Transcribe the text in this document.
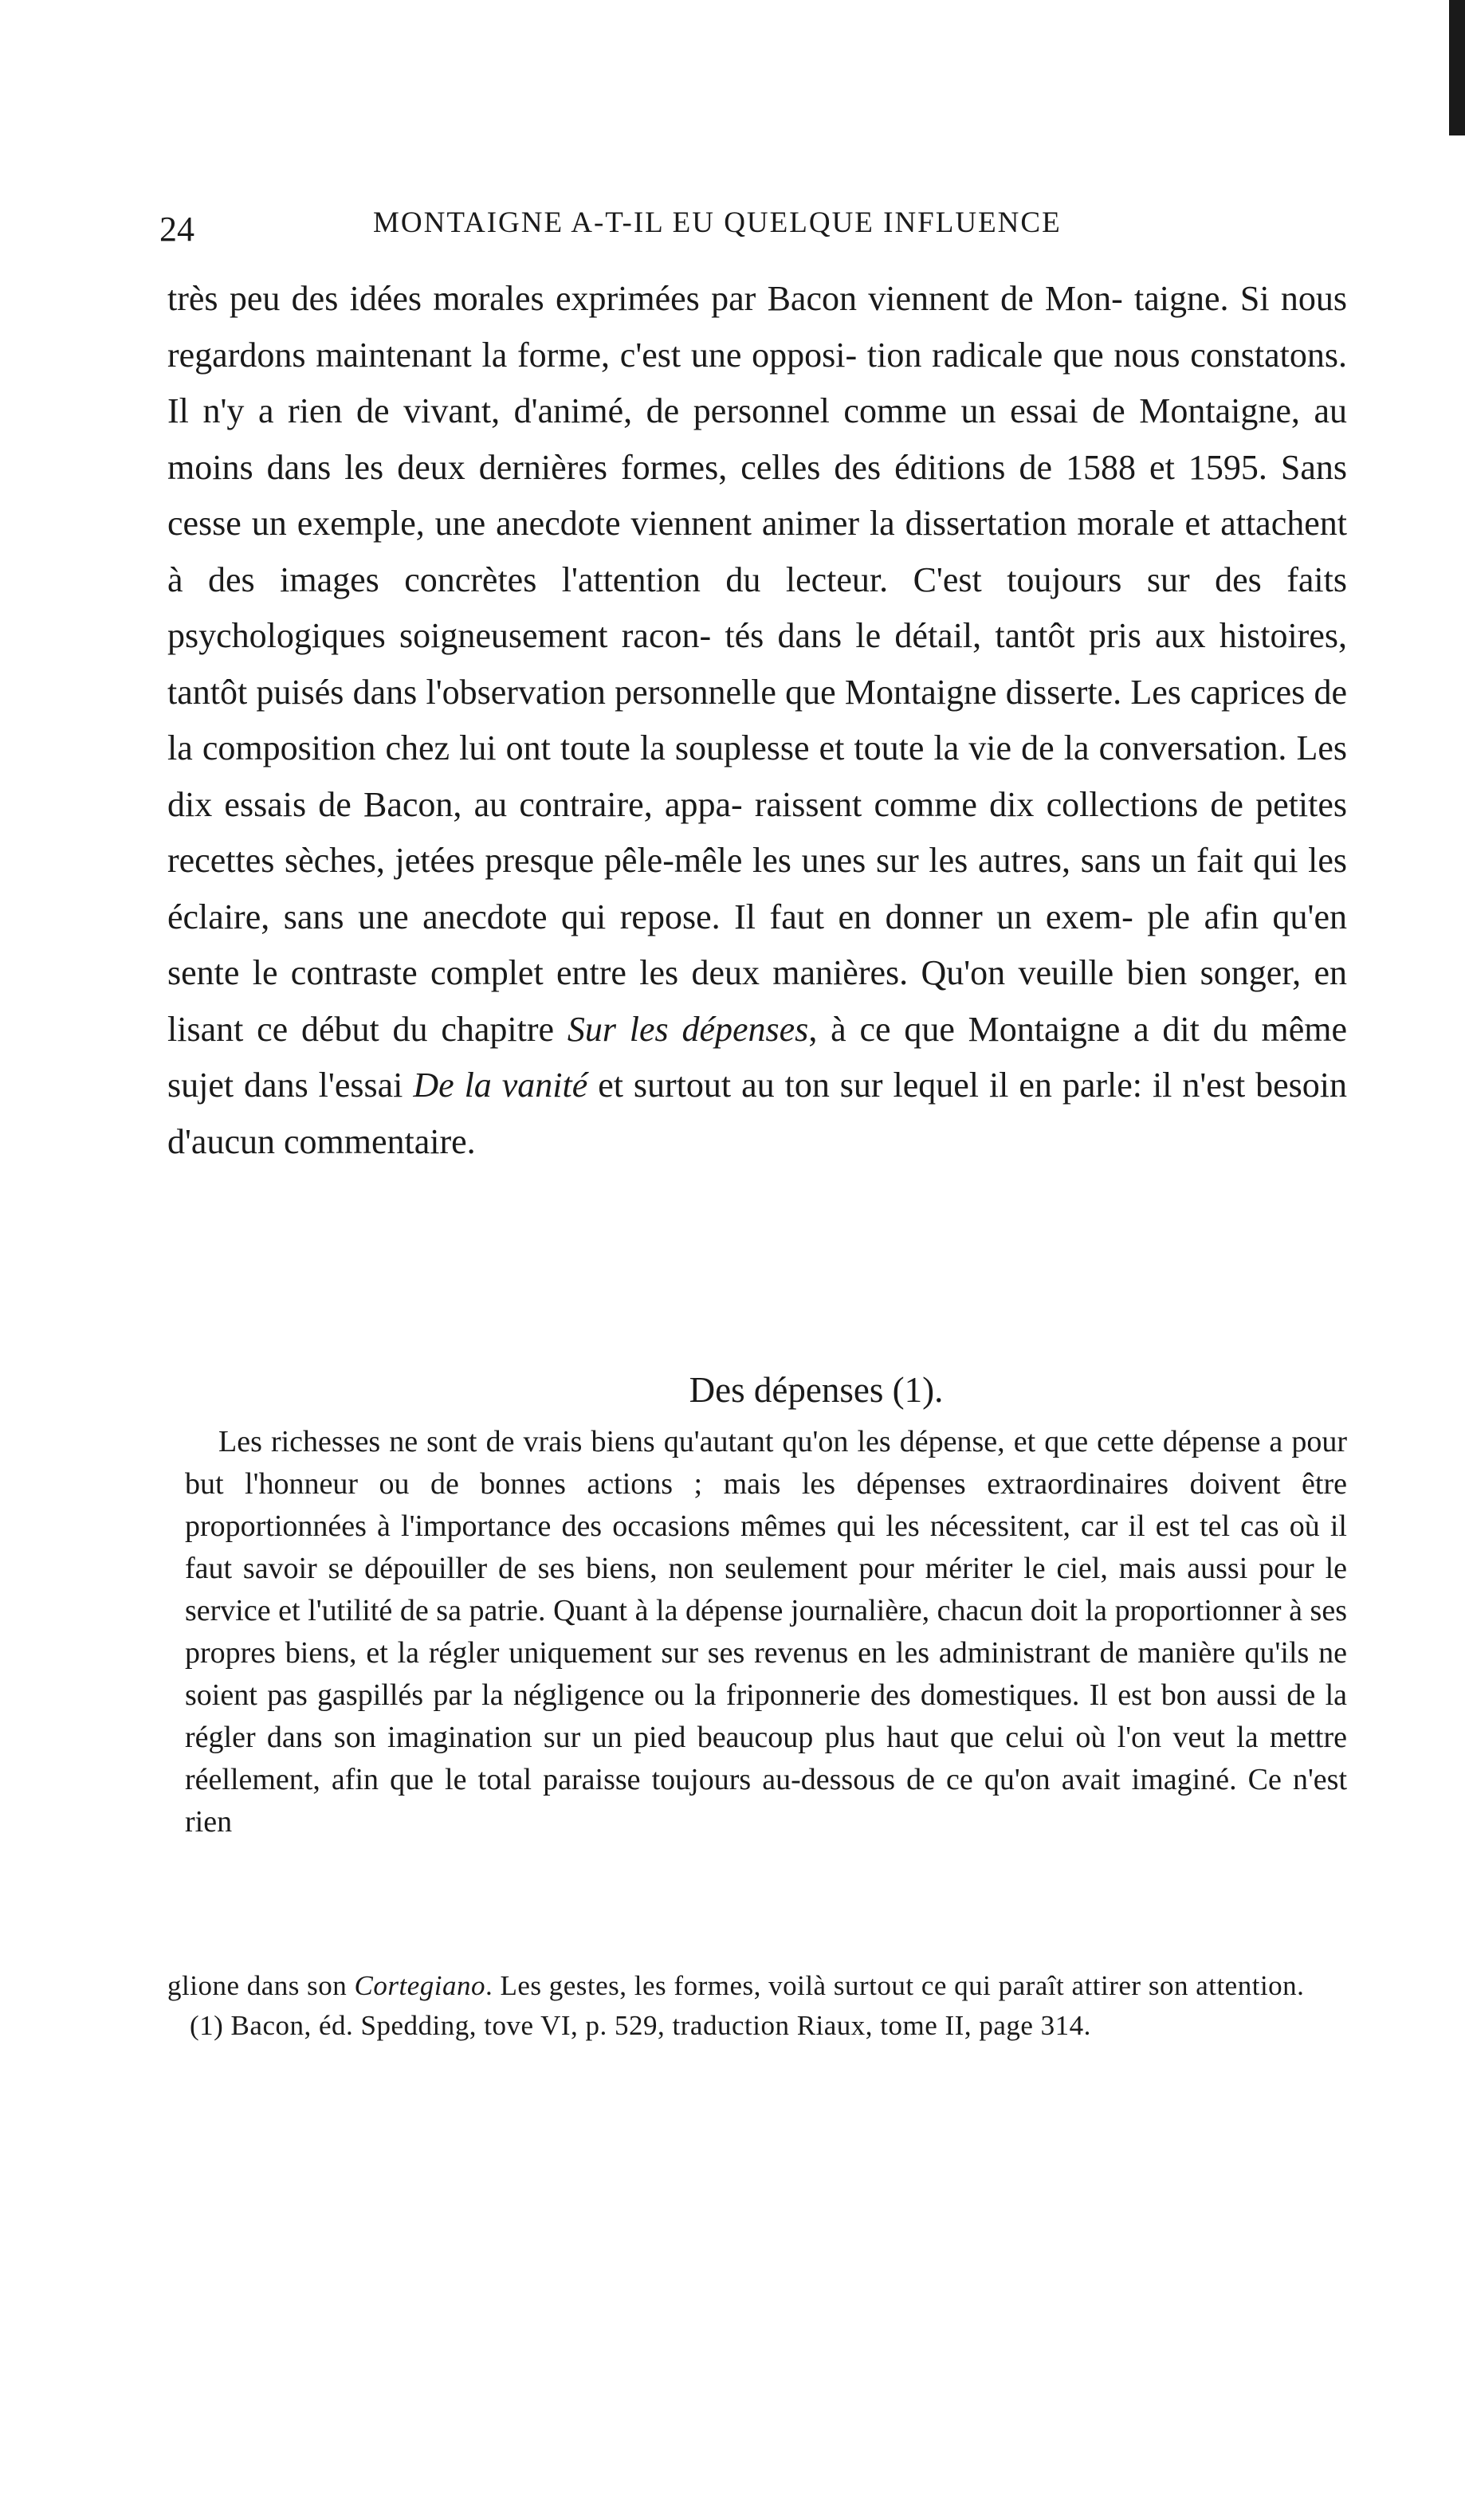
24	MONTAIGNE A-T-IL EU QUELQUE INFLUENCE

très peu des idées morales exprimées par Bacon viennent de Mon- taigne. Si nous regardons maintenant la forme, c'est une opposi- tion radicale que nous constatons. Il n'y a rien de vivant, d'animé, de personnel comme un essai de Montaigne, au moins dans les deux dernières formes, celles des éditions de 1588 et 1595. Sans cesse un exemple, une anecdote viennent animer la dissertation morale et attachent à des images concrètes l'attention du lecteur. C'est toujours sur des faits psychologiques soigneusement racon- tés dans le détail, tantôt pris aux histoires, tantôt puisés dans l'observation personnelle que Montaigne disserte. Les caprices de la composition chez lui ont toute la souplesse et toute la vie de la conversation. Les dix essais de Bacon, au contraire, appa- raissent comme dix collections de petites recettes sèches, jetées presque pêle-mêle les unes sur les autres, sans un fait qui les éclaire, sans une anecdote qui repose. Il faut en donner un exem- ple afin qu'en sente le contraste complet entre les deux manières. Qu'on veuille bien songer, en lisant ce début du chapitre Sur les dépenses, à ce que Montaigne a dit du même sujet dans l'essai De la vanité et surtout au ton sur lequel il en parle: il n'est besoin d'aucun commentaire.

Des dépenses (1).

Les richesses ne sont de vrais biens qu'autant qu'on les dépense, et que cette dépense a pour but l'honneur ou de bonnes actions ; mais les dépenses extraordinaires doivent être proportionnées à l'importance des occasions mêmes qui les nécessitent, car il est tel cas où il faut savoir se dépouiller de ses biens, non seulement pour mériter le ciel, mais aussi pour le service et l'utilité de sa patrie. Quant à la dépense journalière, chacun doit la proportionner à ses propres biens, et la régler uniquement sur ses revenus en les administrant de manière qu'ils ne soient pas gaspillés par la négligence ou la friponnerie des domestiques. Il est bon aussi de la régler dans son imagination sur un pied beaucoup plus haut que celui où l'on veut la mettre réellement, afin que le total paraisse toujours au-dessous de ce qu'on avait imaginé. Ce n'est rien

glione dans son Cortegiano. Les gestes, les formes, voilà surtout ce qui paraît attirer son attention.

(1) Bacon, éd. Spedding, tove VI, p. 529, traduction Riaux, tome II, page 314.
